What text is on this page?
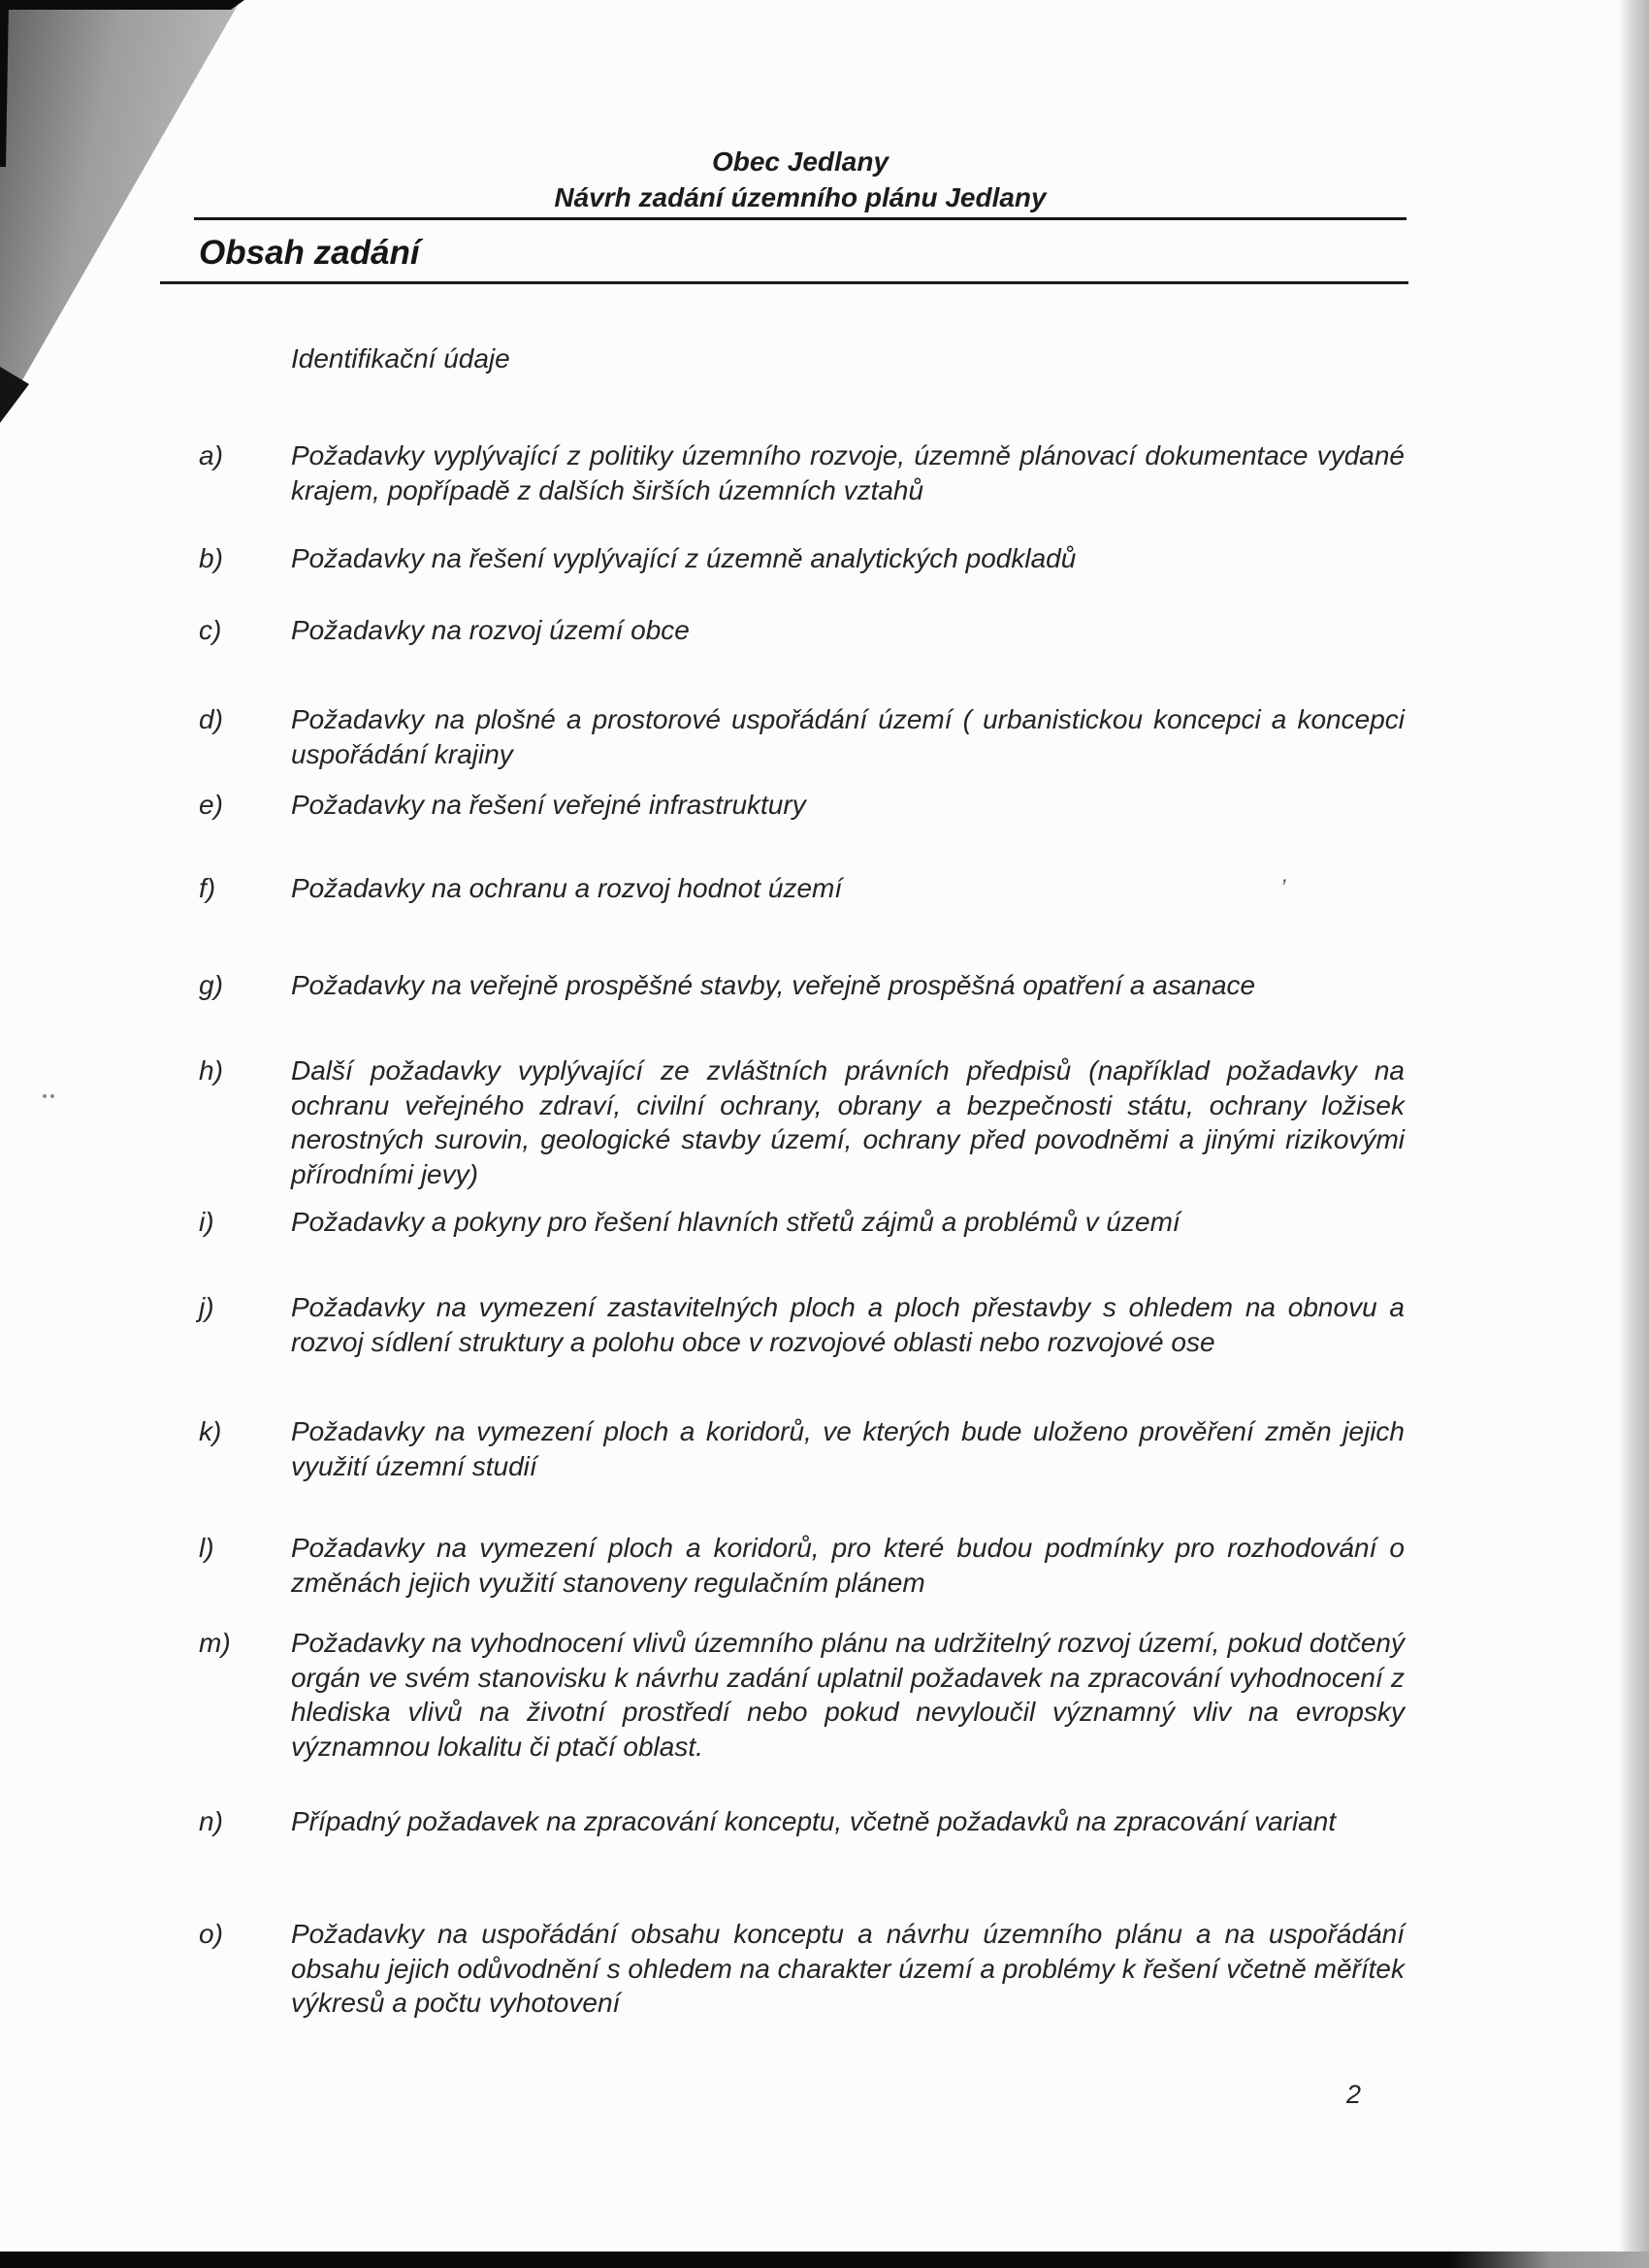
Obec Jedlany
Návrh zadání územního plánu Jedlany
Obsah zadání
Identifikační údaje
a)	Požadavky vyplývající z politiky územního rozvoje, územně plánovací dokumentace vydané krajem, popřípadě z dalších širších územních vztahů
b)	Požadavky na řešení vyplývající z územně analytických podkladů
c)	Požadavky na rozvoj území obce
d)	Požadavky na plošné a prostorové uspořádání území ( urbanistickou koncepci a koncepci uspořádání krajiny
e)	Požadavky na řešení veřejné infrastruktury
f)	Požadavky na ochranu a rozvoj hodnot území
g)	Požadavky na veřejně prospěšné stavby, veřejně prospěšná opatření a asanace
h)	Další požadavky vyplývající ze zvláštních právních předpisů (například požadavky na ochranu veřejného zdraví, civilní ochrany, obrany a bezpečnosti státu, ochrany ložisek nerostných surovin, geologické stavby území, ochrany před povodněmi a jinými rizikovými přírodními jevy)
i)	Požadavky a pokyny pro řešení hlavních střetů zájmů a problémů v území
j)	Požadavky na vymezení zastavitelných ploch a ploch přestavby s ohledem na obnovu a rozvoj sídlení struktury a polohu obce v rozvojové oblasti nebo rozvojové ose
k)	Požadavky na vymezení ploch a koridorů, ve kterých bude uloženo prověření změn jejich využití územní studií
l)	Požadavky na vymezení ploch a koridorů, pro které budou podmínky pro rozhodování o změnách jejich využití stanoveny regulačním plánem
m)	Požadavky na vyhodnocení vlivů územního plánu na udržitelný rozvoj území, pokud dotčený orgán ve svém stanovisku k návrhu zadání uplatnil požadavek na zpracování vyhodnocení z hlediska vlivů na životní prostředí nebo pokud nevyloučil významný vliv na evropsky významnou lokalitu či ptačí oblast.
n)	Případný požadavek na zpracování konceptu, včetně požadavků na zpracování variant
o)	Požadavky na uspořádání obsahu konceptu a návrhu územního plánu a na uspořádání obsahu jejich odůvodnění s ohledem na charakter území a problémy k řešení včetně měřítek výkresů a počtu vyhotovení
2
’
